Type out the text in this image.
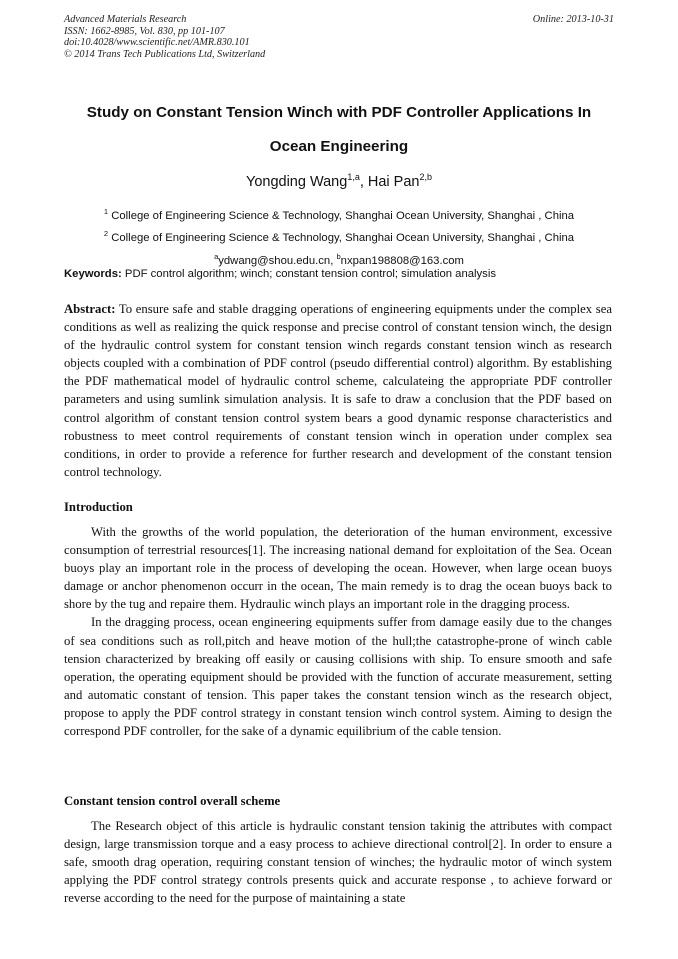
Advanced Materials Research
ISSN: 1662-8985, Vol. 830, pp 101-107
doi:10.4028/www.scientific.net/AMR.830.101
© 2014 Trans Tech Publications Ltd, Switzerland
Online: 2013-10-31
Study on Constant Tension Winch with PDF Controller Applications In
Ocean Engineering
Yongding Wang$^{1,a}$, Hai Pan$^{2,b}$
$^1$ College of Engineering Science & Technology, Shanghai Ocean University, Shanghai , China
$^2$ College of Engineering Science & Technology, Shanghai Ocean University, Shanghai , China
$^a$ydwang@shou.edu.cn, $^b$nxpan198808@163.com
Keywords: PDF control algorithm; winch; constant tension control; simulation analysis

Abstract: To ensure safe and stable dragging operations of engineering equipments under the complex sea conditions as well as realizing the quick response and precise control of constant tension winch, the design of the hydraulic control system for constant tension winch regards constant tension winch as research objects coupled with a combination of PDF control (pseudo differential control) algorithm. By establishing the PDF mathematical model of hydraulic control scheme, calculateing the appropriate PDF controller parameters and using sumlink simulation analysis. It is safe to draw a conclusion that the PDF based on control algorithm of constant tension control system bears a good dynamic response characteristics and robustness to meet control requirements of constant tension winch in operation under complex sea conditions, in order to provide a reference for further research and development of the constant tension control technology.

Introduction

With the growths of the world population, the deterioration of the human environment, excessive consumption of terrestrial resources[1]. The increasing national demand for exploitation of the Sea. Ocean buoys play an important role in the process of developing the ocean. However, when large ocean buoys damage or anchor phenomenon occurr in the ocean, The main remedy is to drag the ocean buoys back to shore by the tug and repaire them. Hydraulic winch plays an important role in the dragging process.

In the dragging process, ocean engineering equipments suffer from damage easily due to the changes of sea conditions such as roll,pitch and heave motion of the hull;the catastrophe-prone of winch cable tension characterized by breaking off easily or causing collisions with ship. To ensure smooth and safe operation, the operating equipment should be provided with the function of accurate measurement, setting and automatic constant of tension. This paper takes the constant tension winch as the research object, propose to apply the PDF control strategy in constant tension winch control system. Aiming to design the correspond PDF controller, for the sake of a dynamic equilibrium of the cable tension.

Constant tension control overall scheme

The Research object of this article is hydraulic constant tension takinig the attributes with compact design, large transmission torque and a easy process to achieve directional control[2]. In order to ensure a safe, smooth drag operation, requiring constant tension of winches; the hydraulic motor of winch system applying the PDF control strategy controls presents quick and accurate response , to achieve forward or reverse according to the need for the purpose of maintaining a state
